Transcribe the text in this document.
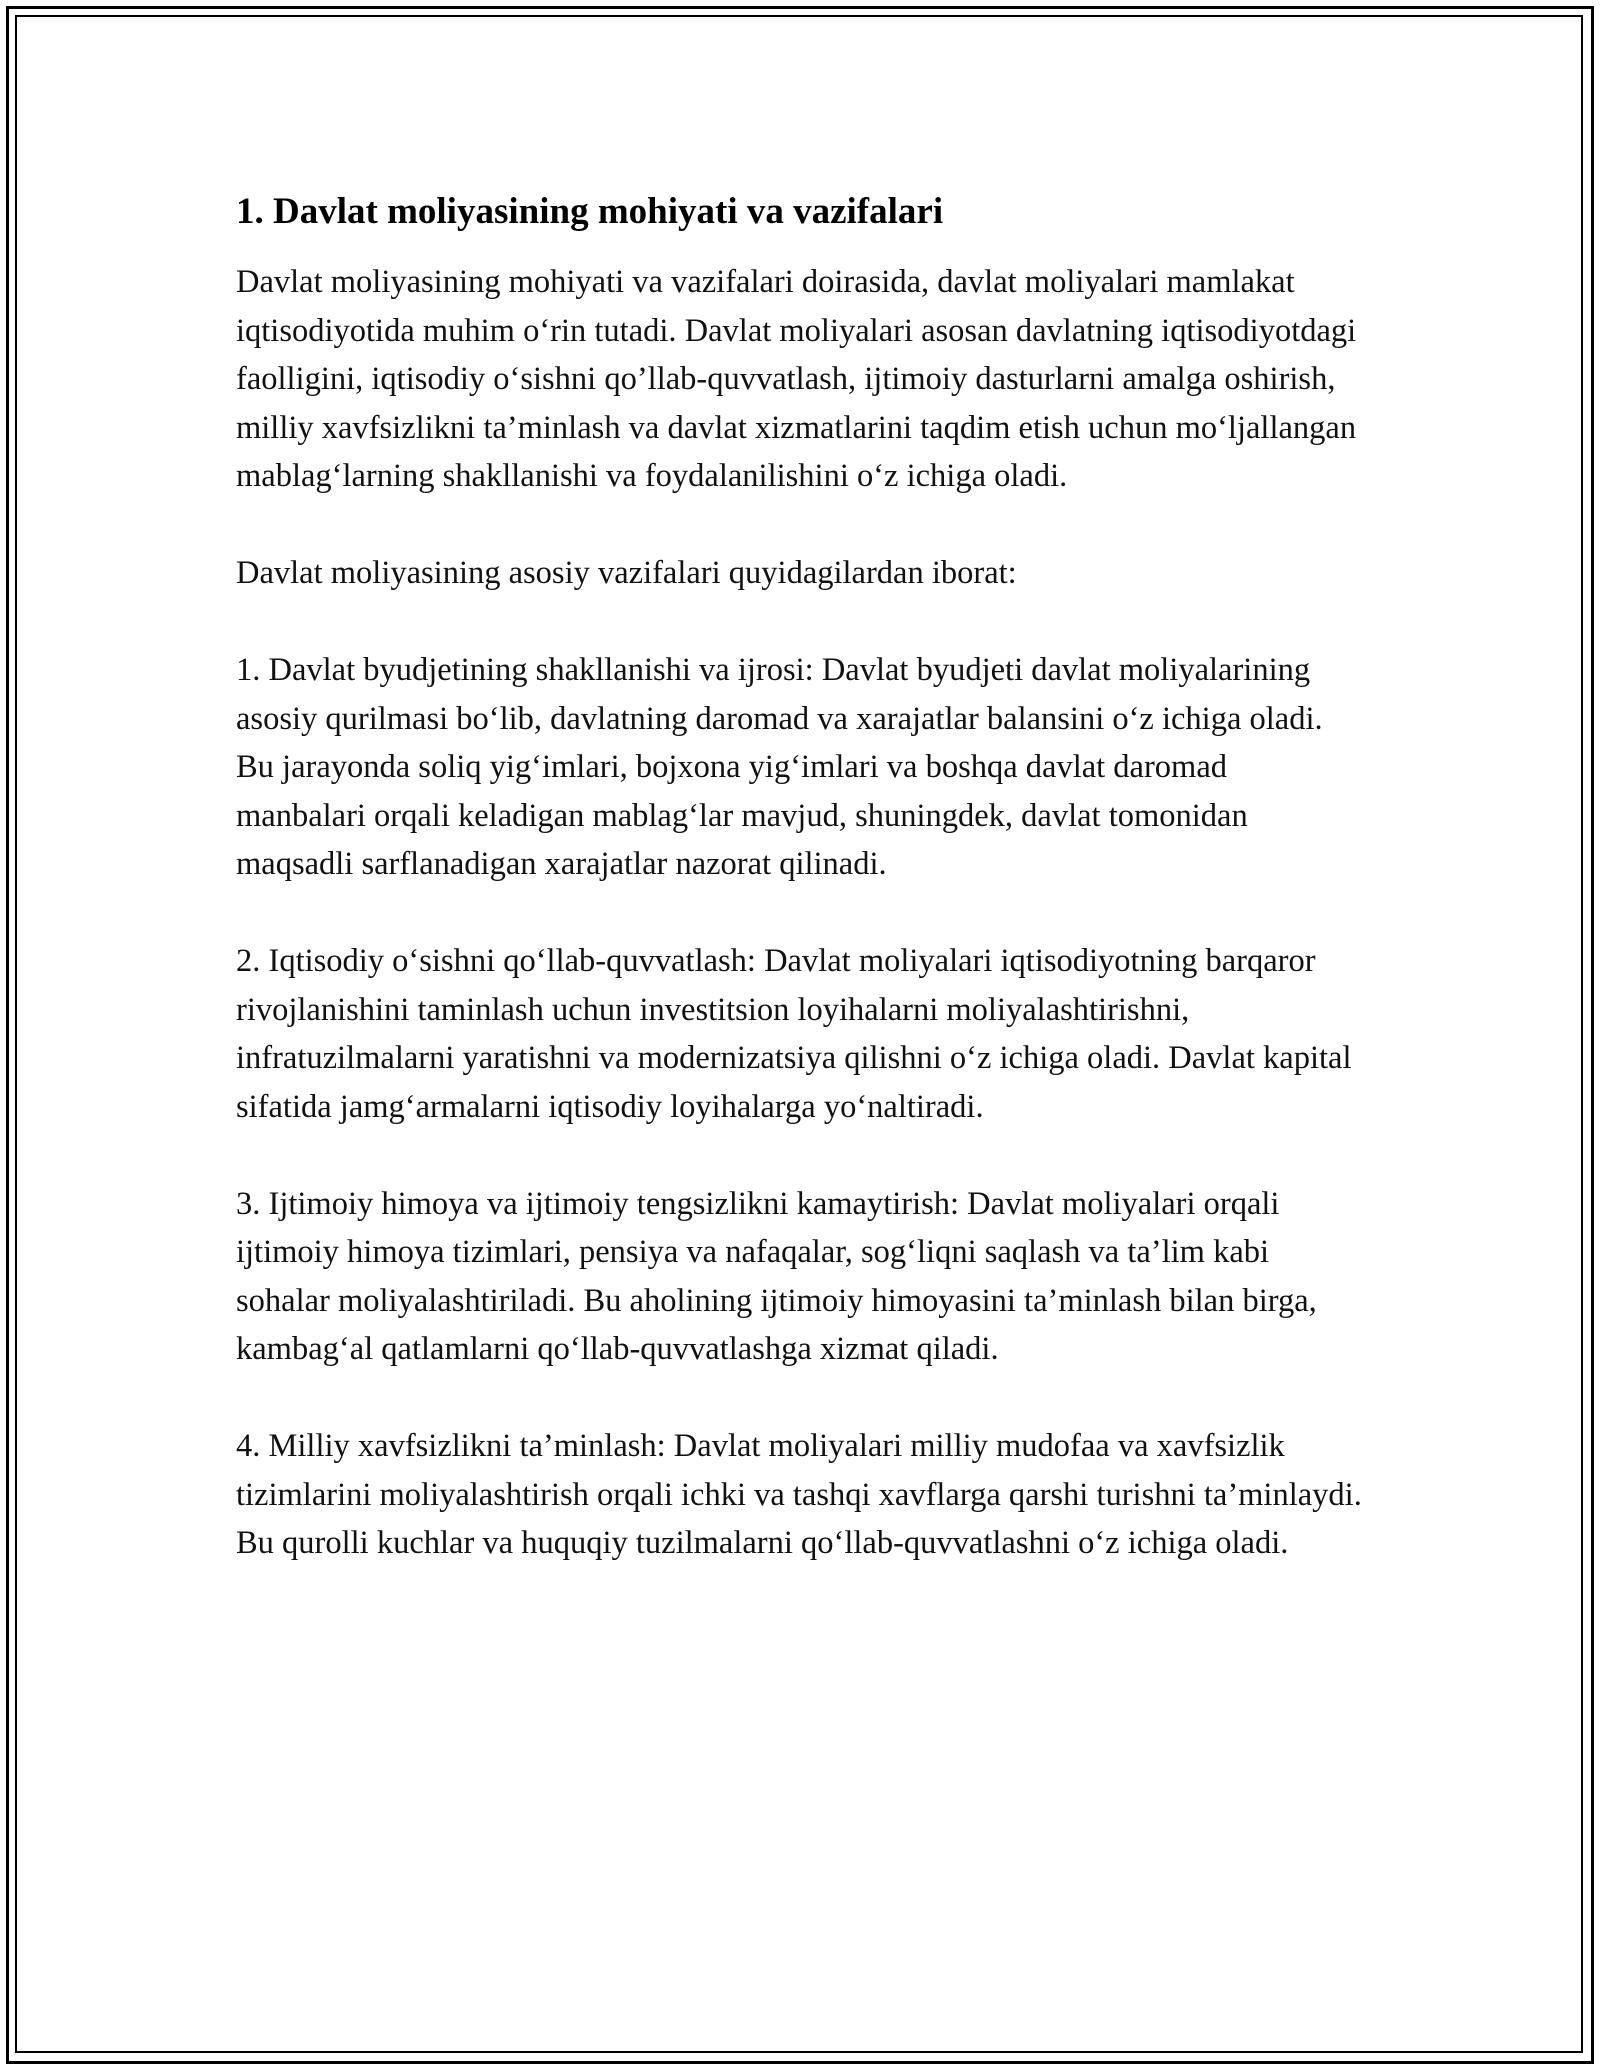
1. Davlat moliyasining mohiyati va vazifalari

Davlat moliyasining mohiyati va vazifalari doirasida, davlat moliyalari mamlakat iqtisodiyotida muhim o‘rin tutadi. Davlat moliyalari asosan davlatning iqtisodiyotdagi faolligini, iqtisodiy o‘sishni qo’llab-quvvatlash, ijtimoiy dasturlarni amalga oshirish, milliy xavfsizlikni ta’minlash va davlat xizmatlarini taqdim etish uchun mo‘ljallangan mablag‘larning shakllanishi va foydalanilishini o‘z ichiga oladi.

Davlat moliyasining asosiy vazifalari quyidagilardan iborat:

1. Davlat byudjetining shakllanishi va ijrosi: Davlat byudjeti davlat moliyalarining asosiy qurilmasi bo‘lib, davlatning daromad va xarajatlar balansini o‘z ichiga oladi. Bu jarayonda soliq yig‘imlari, bojxona yig‘imlari va boshqa davlat daromad manbalari orqali keladigan mablag‘lar mavjud, shuningdek, davlat tomonidan maqsadli sarflanadigan xarajatlar nazorat qilinadi.

2. Iqtisodiy o‘sishni qo‘llab-quvvatlash: Davlat moliyalari iqtisodiyotning barqaror rivojlanishini taminlash uchun investitsion loyihalarni moliyalashtirishni, infratuzilmalarni yaratishni va modernizatsiya qilishni o‘z ichiga oladi. Davlat kapital sifatida jamg‘armalarni iqtisodiy loyihalarga yo‘naltiradi.

3. Ijtimoiy himoya va ijtimoiy tengsizlikni kamaytirish: Davlat moliyalari orqali ijtimoiy himoya tizimlari, pensiya va nafaqalar, sog‘liqni saqlash va ta’lim kabi sohalar moliyalashtiriladi. Bu aholining ijtimoiy himoyasini ta’minlash bilan birga, kambag‘al qatlamlarni qo‘llab-quvvatlashga xizmat qiladi.

4. Milliy xavfsizlikni ta’minlash: Davlat moliyalari milliy mudofaa va xavfsizlik tizimlarini moliyalashtirish orqali ichki va tashqi xavflarga qarshi turishni ta’minlaydi. Bu qurolli kuchlar va huquqiy tuzilmalarni qo‘llab-quvvatlashni o‘z ichiga oladi.
